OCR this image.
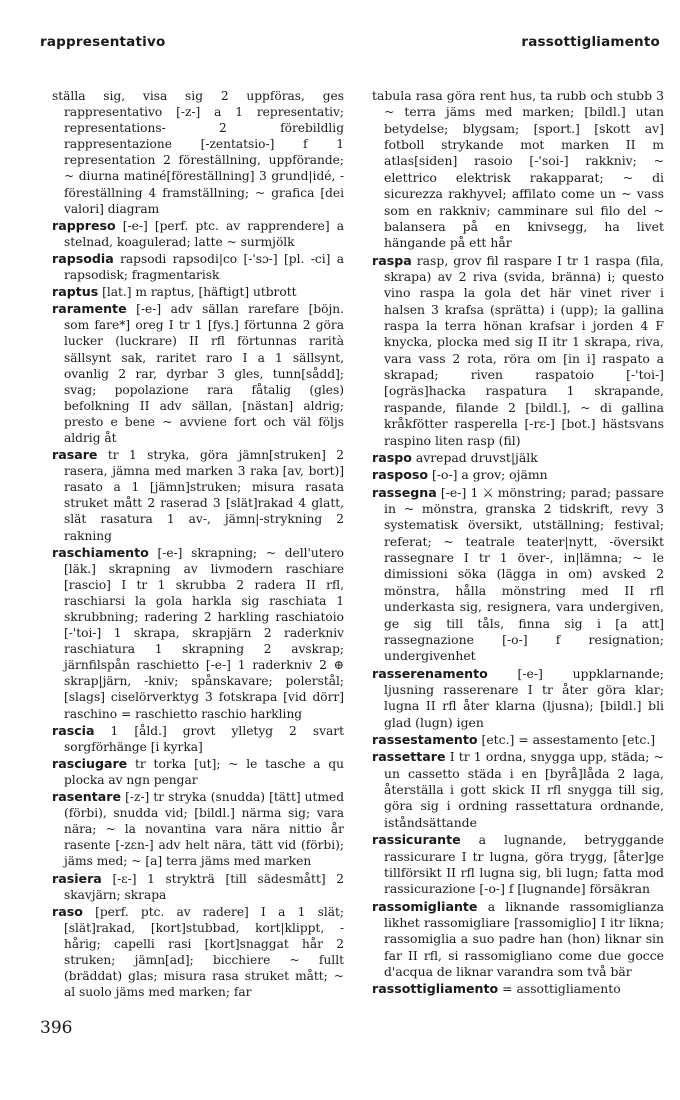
rappresentativo	rassottigliamento

ställa sig, visa sig 2 uppföras, ges rappresentativo [-z-] a 1 representativ; representations- 2 förebildlig rappresentazione [-zentatsio-] f 1 representation 2 föreställning, uppförande; ~ diurna matiné[föreställning] 3 grund|idé, -föreställning 4 framställning; ~ grafica [dei valori] diagram

rappreso [-e-] [perf. ptc. av rapprendere] a stelnad, koagulerad; latte ~ surmjölk

rapsodia rapsodi rapsodi|co [-'sɔ-] [pl. -ci] a rapsodisk; fragmentarisk

raptus [lat.] m raptus, [häftigt] utbrott

raramente [-e-] adv sällan rarefare [böjn. som fare*] oreg I tr 1 [fys.] förtunna 2 göra lucker (luckrare) II rfl förtunnas rarità sällsynt sak, raritet raro I a 1 sällsynt, ovanlig 2 rar, dyrbar 3 gles, tunn[sådd]; svag; popolazione rara fåtalig (gles) befolkning II adv sällan, [nästan] aldrig; presto e bene ~ avviene fort och väl följs aldrig åt

rasare tr 1 stryka, göra jämn[struken] 2 rasera, jämna med marken 3 raka [av, bort)] rasato a 1 [jämn]struken; misura rasata struket mått 2 raserad 3 [slät]rakad 4 glatt, slät rasatura 1 av-, jämn|-strykning 2 rakning

raschiamento [-e-] skrapning; ~ dell'utero [läk.] skrapning av livmodern raschiare [rascio] I tr 1 skrubba 2 radera II rfl, raschiarsi la gola harkla sig raschiata 1 skrubbning; radering 2 harkling raschiatoio [-'toi-] 1 skrapa, skrapjärn 2 raderkniv raschiatura 1 skrapning 2 avskrap; järnfilspån raschietto [-e-] 1 raderkniv 2 ⊕ skrap|järn, -kniv; spånskavare; polerstål; [slags] ciselörverktyg 3 fotskrapa [vid dörr] raschino = raschietto raschio harkling

rascia 1 [åld.] grovt ylletyg 2 svart sorgförhänge [i kyrka]

rasciugare tr torka [ut]; ~ le tasche a qu plocka av ngn pengar

rasentare [-z-] tr stryka (snudda) [tätt] utmed (förbi), snudda vid; [bildl.] närma sig; vara nära; ~ la novantina vara nära nittio år rasente [-zɛn-] adv helt nära, tätt vid (förbi); jäms med; ~ [a] terra jäms med marken

rasiera [-ɛ-] 1 strykträ [till sädesmått] 2 skavjärn; skrapa

raso [perf. ptc. av radere] I a 1 slät; [slät]rakad, [kort]stubbad, kort|klippt, -hårig; capelli rasi [kort]snaggat hår 2 struken; jämn[ad]; bicchiere ~ fullt (bräddat) glas; misura rasa struket mått; ~ al suolo jäms med marken; far

tabula rasa göra rent hus, ta rubb och stubb 3 ~ terra jäms med marken; [bildl.] utan betydelse; blygsam; [sport.] [skott av] fotboll strykande mot marken II m atlas[siden] rasoio [-'soi-] rakkniv; ~ elettrico elektrisk rakapparat; ~ di sicurezza rakhyvel; affilato come un ~ vass som en rakkniv; camminare sul filo del ~ balansera på en knivsegg, ha livet hängande på ett hår

raspa rasp, grov fil raspare I tr 1 raspa (fila, skrapa) av 2 riva (svida, bränna) i; questo vino raspa la gola det här vinet river i halsen 3 krafsa (sprätta) i (upp); la gallina raspa la terra hönan krafsar i jorden 4 F knycka, plocka med sig II itr 1 skrapa, riva, vara vass 2 rota, röra om [in i] raspato a skrapad; riven raspatoio [-'toi-] [ogräs]hacka raspatura 1 skrapande, raspande, filande 2 [bildl.], ~ di gallina kråkfötter rasperella [-rɛ-] [bot.] hästsvans raspino liten rasp (fil)

raspo avrepad druvst|jälk

rasposo [-o-] a grov; ojämn

rassegna [-e-] 1 ⚔ mönstring; parad; passare in ~ mönstra, granska 2 tidskrift, revy 3 systematisk översikt, utställning; festival; referat; ~ teatrale teater|nytt, -översikt rassegnare I tr 1 över-, in|lämna; ~ le dimissioni söka (lägga in om) avsked 2 mönstra, hålla mönstring med II rfl underkasta sig, resignera, vara undergiven, ge sig till tåls, finna sig i [a att] rassegnazione [-o-] f resignation; undergivenhet

rasserenamento [-e-] uppklarnande; ljusning rasserenare I tr åter göra klar; lugna II rfl åter klarna (ljusna); [bildl.] bli glad (lugn) igen

rassestamento [etc.] = assestamento [etc.]

rassettare I tr 1 ordna, snygga upp, städa; ~ un cassetto städa i en [byrå]låda 2 laga, återställa i gott skick II rfl snygga till sig, göra sig i ordning rassettatura ordnande, iståndsättande

rassicurante a lugnande, betryggande rassicurare I tr lugna, göra trygg, [åter]ge tillförsikt II rfl lugna sig, bli lugn; fatta mod rassicurazione [-o-] f [lugnande] försäkran

rassomigliante a liknande rassomiglianza likhet rassomigliare [rassomiglio] I itr likna; rassomiglia a suo padre han (hon) liknar sin far II rfl, si rassomigliano come due gocce d'acqua de liknar varandra som två bär

rassottigliamento = assottigliamento

396
